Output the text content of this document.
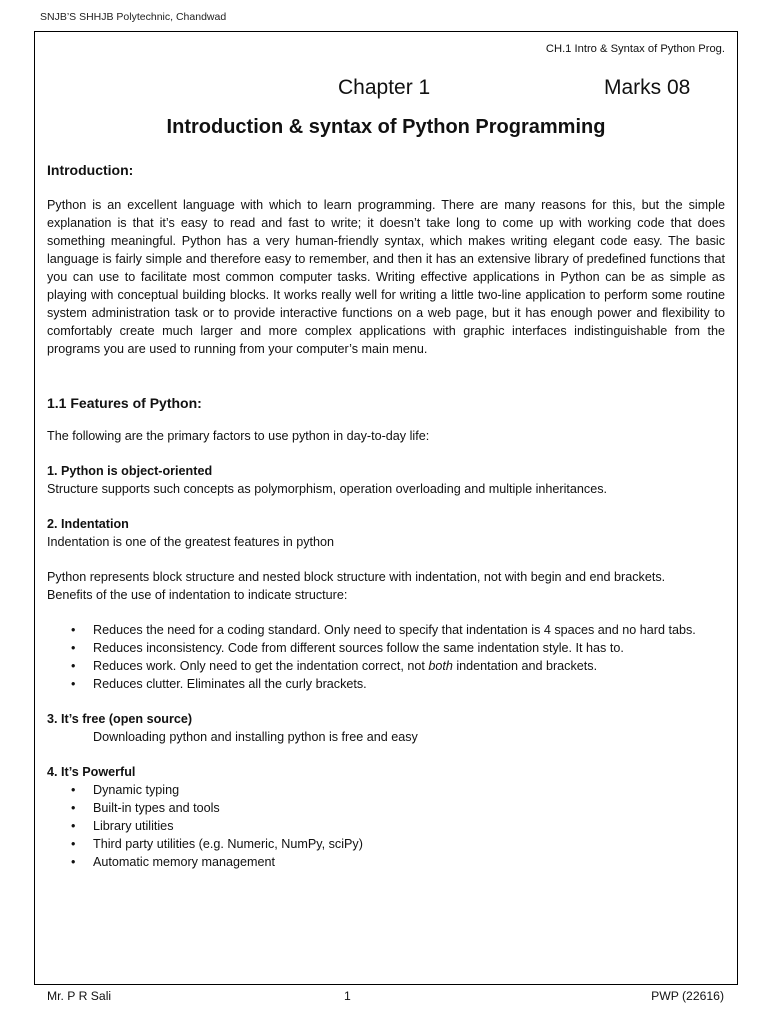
SNJB’S SHHJB Polytechnic, Chandwad
CH.1 Intro & Syntax of Python Prog.
Chapter 1	Marks 08
Introduction & syntax of Python Programming
Introduction:

Python is an excellent language with which to learn programming. There are many reasons for this, but the simple explanation is that it’s easy to read and fast to write; it doesn’t take long to come up with working code that does something meaningful. Python has a very human-friendly syntax, which makes writing elegant code easy. The basic language is fairly simple and therefore easy to remember, and then it has an extensive library of predefined functions that you can use to facilitate most common computer tasks. Writing effective applications in Python can be as simple as playing with conceptual building blocks. It works really well for writing a little two-line application to perform some routine system administration task or to provide interactive functions on a web page, but it has enough power and flexibility to comfortably create much larger and more complex applications with graphic interfaces indistinguishable from the programs you are used to running from your computer’s main menu.

1.1 Features of Python:

The following are the primary factors to use python in day-to-day life:

1. Python is object-oriented

Structure supports such concepts as polymorphism, operation overloading and multiple inheritances.

2. Indentation

Indentation is one of the greatest features in python

Python represents block structure and nested block structure with indentation, not with begin and end brackets.

Benefits of the use of indentation to indicate structure:

• Reduces the need for a coding standard. Only need to specify that indentation is 4 spaces and no hard tabs.
• Reduces inconsistency. Code from different sources follow the same indentation style. It has to.
• Reduces work. Only need to get the indentation correct, not both indentation and brackets.
• Reduces clutter. Eliminates all the curly brackets.
3. It’s free (open source)

Downloading python and installing python is free and easy

4. It’s Powerful
• Dynamic typing
• Built-in types and tools
• Library utilities
• Third party utilities (e.g. Numeric, NumPy, sciPy)
• Automatic memory management
Mr. P R Sali	1	PWP (22616)
